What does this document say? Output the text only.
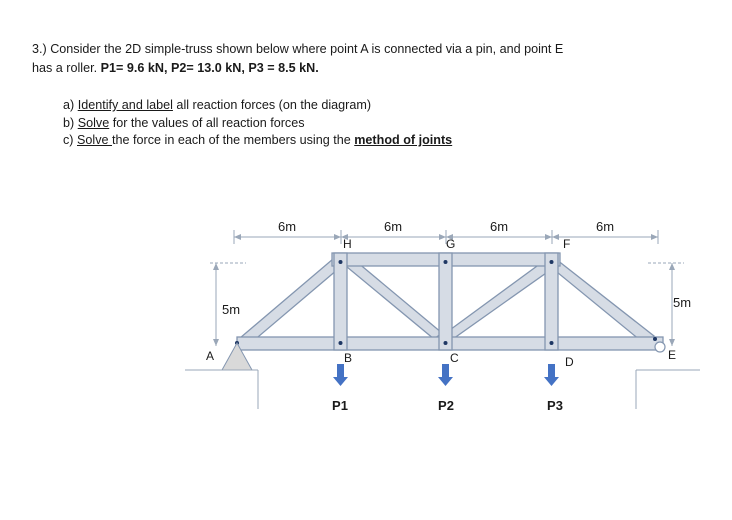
3.) Consider the 2D simple-truss shown below where point A is connected via a pin, and point E
has a roller. P1= 9.6 kN, P2= 13.0 kN, P3 = 8.5 kN.
a) Identify and label all reaction forces (on the diagram)
b) Solve for the values of all reaction forces
c) Solve the force in each of the members using the method of joints
6m	6m	6m	6m
5m	5m
A	B	C	D	E
F
G
H
P1	P2	P3
